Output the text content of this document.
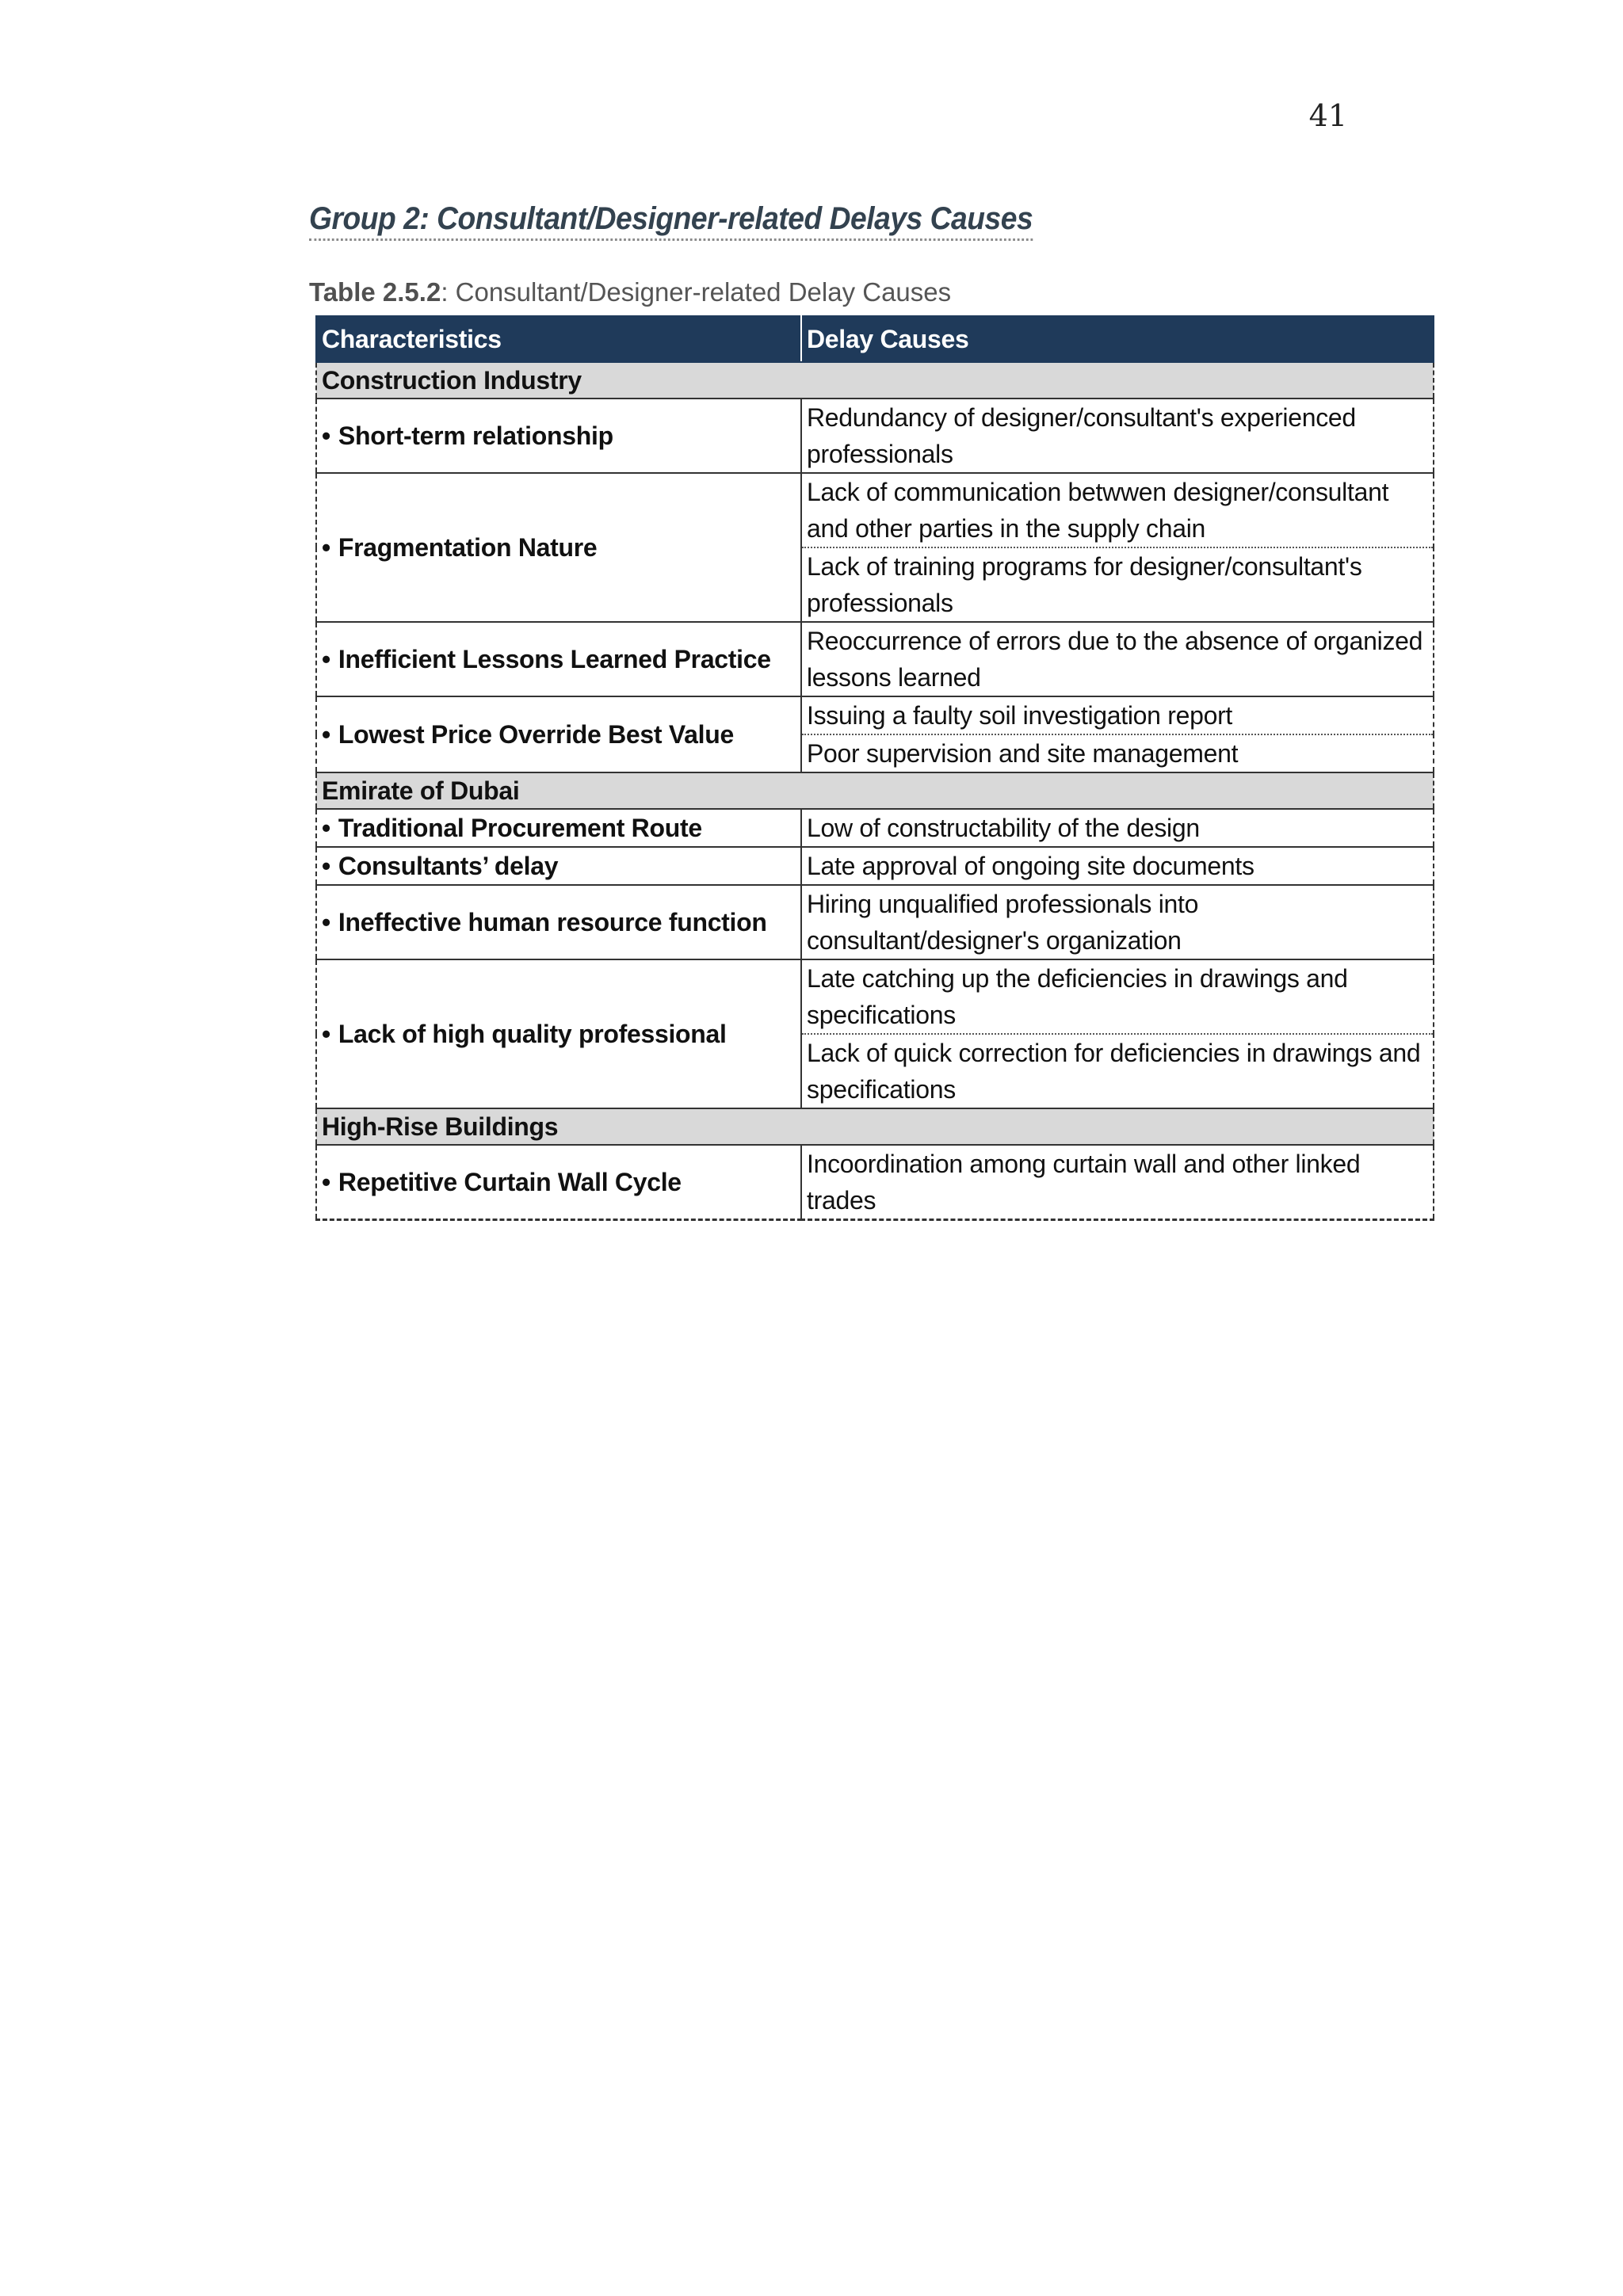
41
Group 2: Consultant/Designer-related Delays Causes
Table 2.5.2: Consultant/Designer-related Delay Causes
Characteristics	Delay Causes
Construction Industry	
• Short-term relationship	Redundancy of designer/consultant's experienced professionals
• Fragmentation Nature	Lack of communication betwwen designer/consultant and other parties in the supply chain
	Lack of training programs for designer/consultant's professionals
• Inefficient Lessons Learned Practice	Reoccurrence of errors due to the absence of organized lessons learned
• Lowest Price Override Best Value	Issuing a faulty soil investigation report
	Poor supervision and site management
Emirate of Dubai	
• Traditional Procurement Route	Low of constructability of the design
• Consultants’ delay	Late approval of ongoing site documents
• Ineffective human resource function	Hiring unqualified professionals into consultant/designer's organization
• Lack of high quality professional	Late catching up the deficiencies in drawings and specifications
	Lack of quick correction for deficiencies in drawings and specifications
High-Rise Buildings	
• Repetitive Curtain Wall Cycle	Incoordination among curtain wall and other linked trades
